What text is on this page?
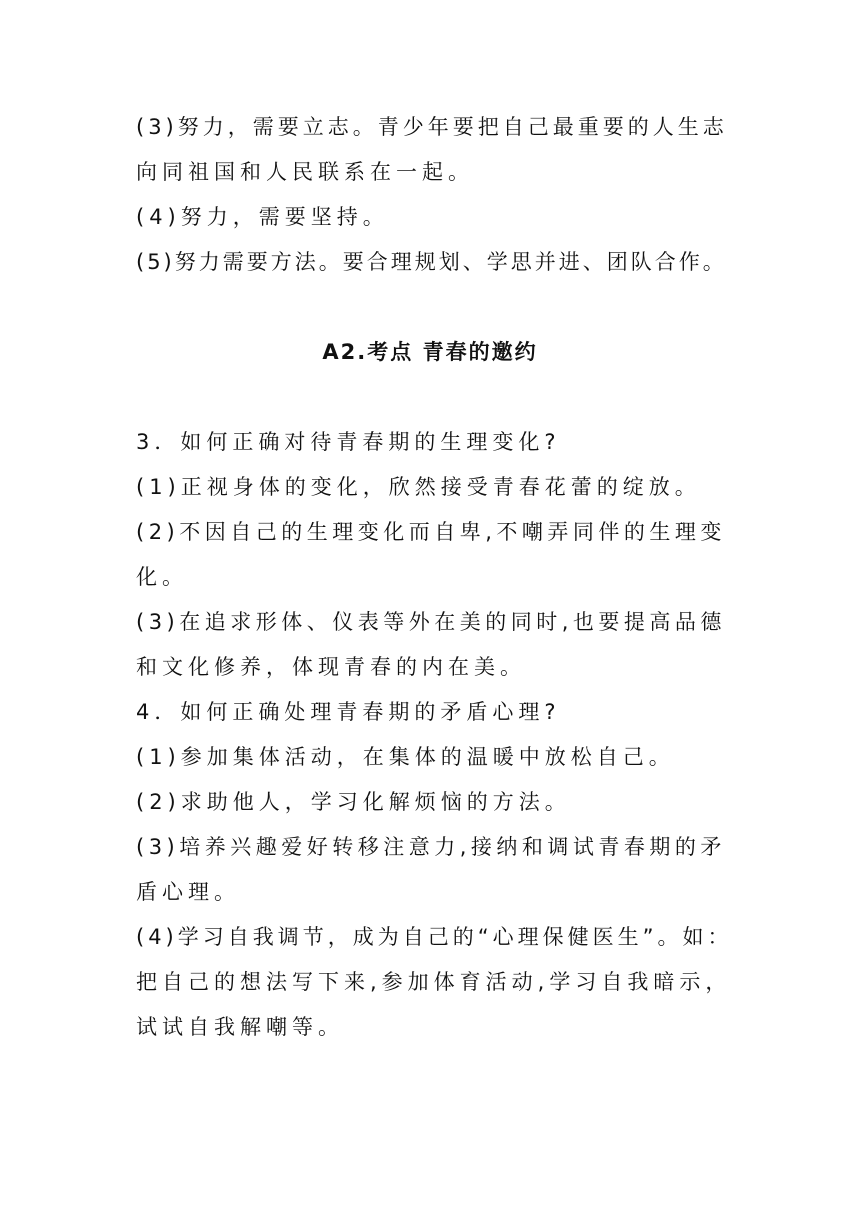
(3)努力，需要立志。青少年要把自己最重要的人生志
向同祖国和人民联系在一起。
(4)努力，需要坚持。
(5)努力需要方法。要合理规划、学思并进、团队合作。
A2.考点 青春的邀约
3．如何正确对待青春期的生理变化?
(1)正视身体的变化，欣然接受青春花蕾的绽放。
(2)不因自己的生理变化而自卑,不嘲弄同伴的生理变
化。
(3)在追求形体、仪表等外在美的同时,也要提高品德
和文化修养，体现青春的内在美。
4．如何正确处理青春期的矛盾心理?
(1)参加集体活动，在集体的温暖中放松自己。
(2)求助他人，学习化解烦恼的方法。
(3)培养兴趣爱好转移注意力,接纳和调试青春期的矛
盾心理。
(4)学习自我调节，成为自己的“心理保健医生”。如：
把自己的想法写下来,参加体育活动,学习自我暗示，
试试自我解嘲等。
